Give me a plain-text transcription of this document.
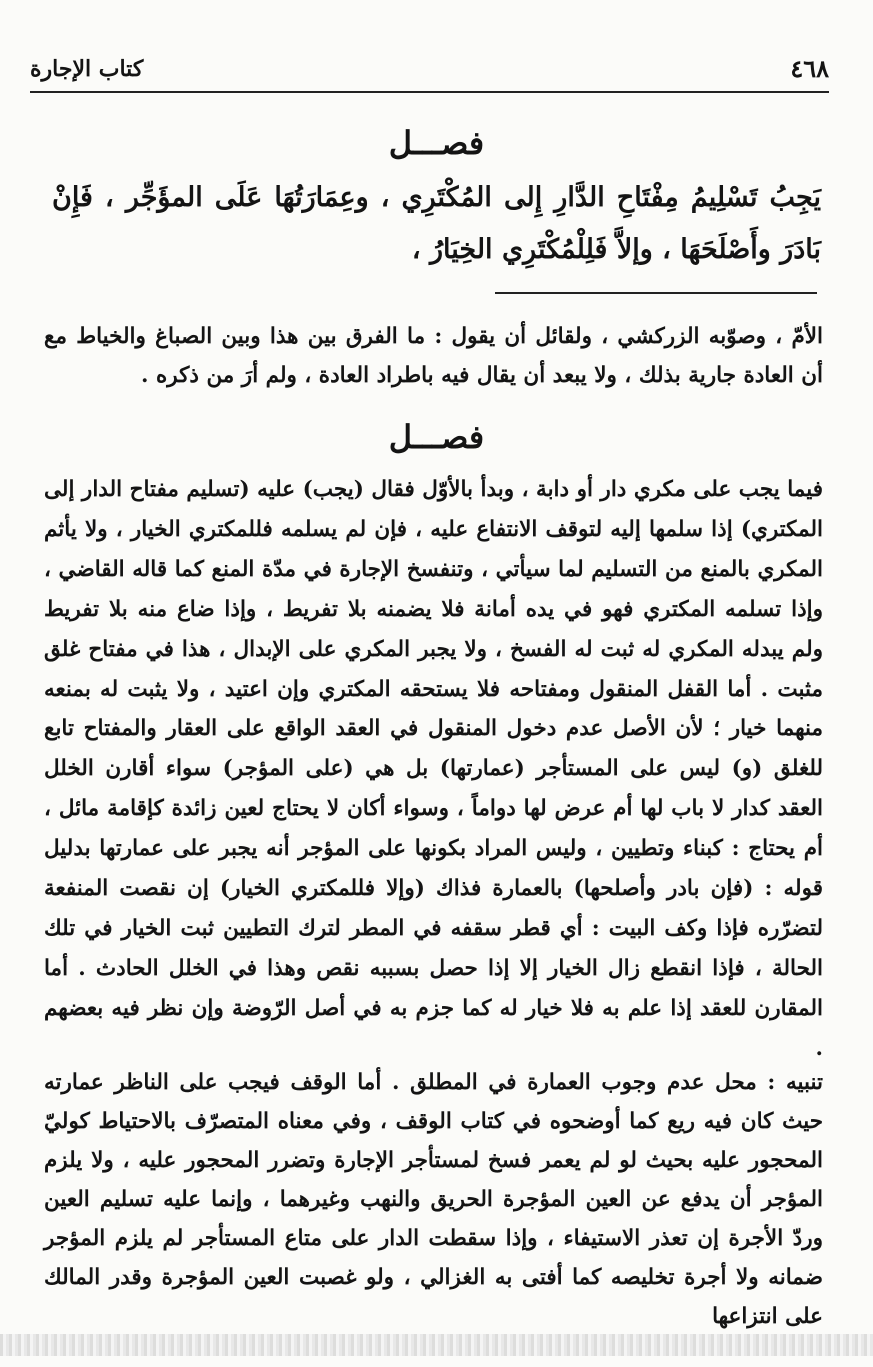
٤٦٨
كتاب الإجارة
فصـــل
يَجِبُ تَسْلِيمُ مِفْتَاحِ الدَّارِ إِلى المُكْتَرِي ، وعِمَارَتُهَا عَلَى المؤَجِّر ، فَإِنْ بَادَرَ وأَصْلَحَهَا ، وإلاَّ فَلِلْمُكْتَرِي الخِيَارُ ،
الأمّ ، وصوّبه الزركشي ، ولقائل أن يقول : ما الفرق بين هذا وبين الصباغ والخياط مع أن العادة جارية بذلك ، ولا يبعد أن يقال فيه باطراد العادة ، ولم أرَ من ذكره .
فصـــل
فيما يجب على مكري دار أو دابة ، وبدأ بالأوّل فقال (يجب) عليه (تسليم مفتاح الدار إلى المكتري) إذا سلمها إليه لتوقف الانتفاع عليه ، فإن لم يسلمه فللمكتري الخيار ، ولا يأثم المكري بالمنع من التسليم لما سيأتي ، وتنفسخ الإجارة في مدّة المنع كما قاله القاضي ، وإذا تسلمه المكتري فهو في يده أمانة فلا يضمنه بلا تفريط ، وإذا ضاع منه بلا تفريط ولم يبدله المكري له ثبت له الفسخ ، ولا يجبر المكري على الإبدال ، هذا في مفتاح غلق مثبت . أما القفل المنقول ومفتاحه فلا يستحقه المكتري وإن اعتيد ، ولا يثبت له بمنعه منهما خيار ؛ لأن الأصل عدم دخول المنقول في العقد الواقع على العقار والمفتاح تابع للغلق (و) ليس على المستأجر (عمارتها) بل هي (على المؤجر) سواء أقارن الخلل العقد كدار لا باب لها أم عرض لها دواماً ، وسواء أكان لا يحتاج لعين زائدة كإقامة مائل ، أم يحتاج : كبناء وتطيين ، وليس المراد بكونها على المؤجر أنه يجبر على عمارتها بدليل قوله : (فإن بادر وأصلحها) بالعمارة فذاك (وإلا فللمكتري الخيار) إن نقصت المنفعة لتضرّره فإذا وكف البيت : أي قطر سقفه في المطر لترك التطيين ثبت الخيار في تلك الحالة ، فإذا انقطع زال الخيار إلا إذا حصل بسببه نقص وهذا في الخلل الحادث . أما المقارن للعقد إذا علم به فلا خيار له كما جزم به في أصل الرّوضة وإن نظر فيه بعضهم .
تنبيه : محل عدم وجوب العمارة في المطلق . أما الوقف فيجب على الناظر عمارته حيث كان فيه ريع كما أوضحوه في كتاب الوقف ، وفي معناه المتصرّف بالاحتياط كوليّ المحجور عليه بحيث لو لم يعمر فسخ لمستأجر الإجارة وتضرر المحجور عليه ، ولا يلزم المؤجر أن يدفع عن العين المؤجرة الحريق والنهب وغيرهما ، وإنما عليه تسليم العين وردّ الأجرة إن تعذر الاستيفاء ، وإذا سقطت الدار على متاع المستأجر لم يلزم المؤجر ضمانه ولا أجرة تخليصه كما أفتى به الغزالي ، ولو غصبت العين المؤجرة وقدر المالك على انتزاعها
